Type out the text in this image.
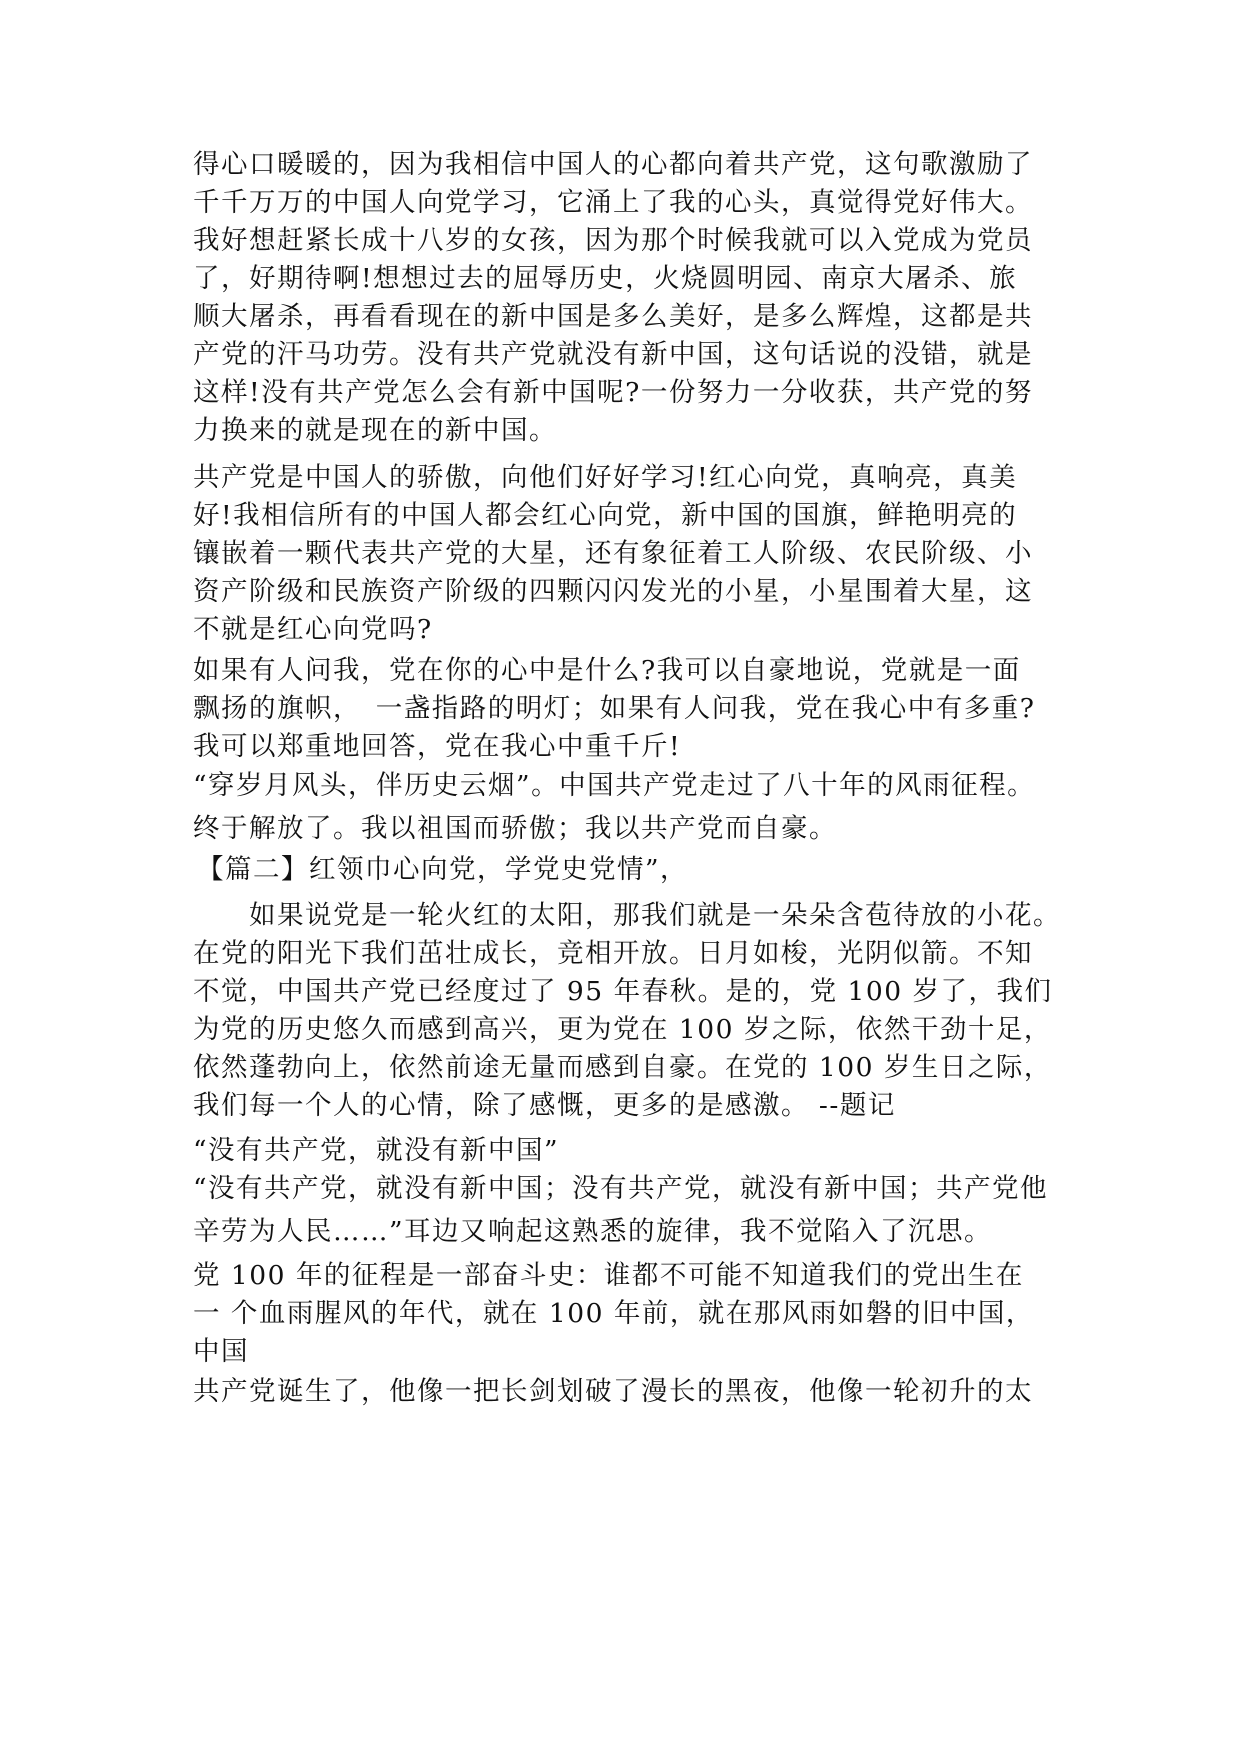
得心口暖暖的，因为我相信中国人的心都向着共产党，这句歌激励了
千千万万的中国人向党学习，它涌上了我的心头，真觉得党好伟大。
我好想赶紧长成十八岁的女孩，因为那个时候我就可以入党成为党员
了，好期待啊!想想过去的屈辱历史，火烧圆明园、南京大屠杀、旅
顺大屠杀，再看看现在的新中国是多么美好，是多么辉煌，这都是共
产党的汗马功劳。没有共产党就没有新中国，这句话说的没错，就是
这样!没有共产党怎么会有新中国呢?一份努力一分收获，共产党的努
力换来的就是现在的新中国。
共产党是中国人的骄傲，向他们好好学习!红心向党，真响亮，真美
好!我相信所有的中国人都会红心向党，新中国的国旗，鲜艳明亮的
镶嵌着一颗代表共产党的大星，还有象征着工人阶级、农民阶级、小
资产阶级和民族资产阶级的四颗闪闪发光的小星，小星围着大星，这
不就是红心向党吗?
如果有人问我，党在你的心中是什么?我可以自豪地说，党就是一面
飘扬的旗帜，　一盏指路的明灯；如果有人问我，党在我心中有多重?
我可以郑重地回答，党在我心中重千斤!
“穿岁月风头，伴历史云烟”。中国共产党走过了八十年的风雨征程。
终于解放了。我以祖国而骄傲；我以共产党而自豪。
【篇二】红领巾心向党，学党史党情”，
　　如果说党是一轮火红的太阳，那我们就是一朵朵含苞待放的小花。
在党的阳光下我们茁壮成长，竞相开放。日月如梭，光阴似箭。不知
不觉，中国共产党已经度过了 95 年春秋。是的，党 100 岁了，我们
为党的历史悠久而感到高兴，更为党在 100 岁之际，依然干劲十足，
依然蓬勃向上，依然前途无量而感到自豪。在党的 100 岁生日之际，
我们每一个人的心情，除了感慨，更多的是感激。 --题记
“没有共产党，就没有新中国”
“没有共产党，就没有新中国；没有共产党，就没有新中国；共产党他
辛劳为人民……”耳边又响起这熟悉的旋律，我不觉陷入了沉思。
党 100 年的征程是一部奋斗史：谁都不可能不知道我们的党出生在
一 个血雨腥风的年代，就在 100 年前，就在那风雨如磐的旧中国，
中国
共产党诞生了，他像一把长剑划破了漫长的黑夜，他像一轮初升的太
